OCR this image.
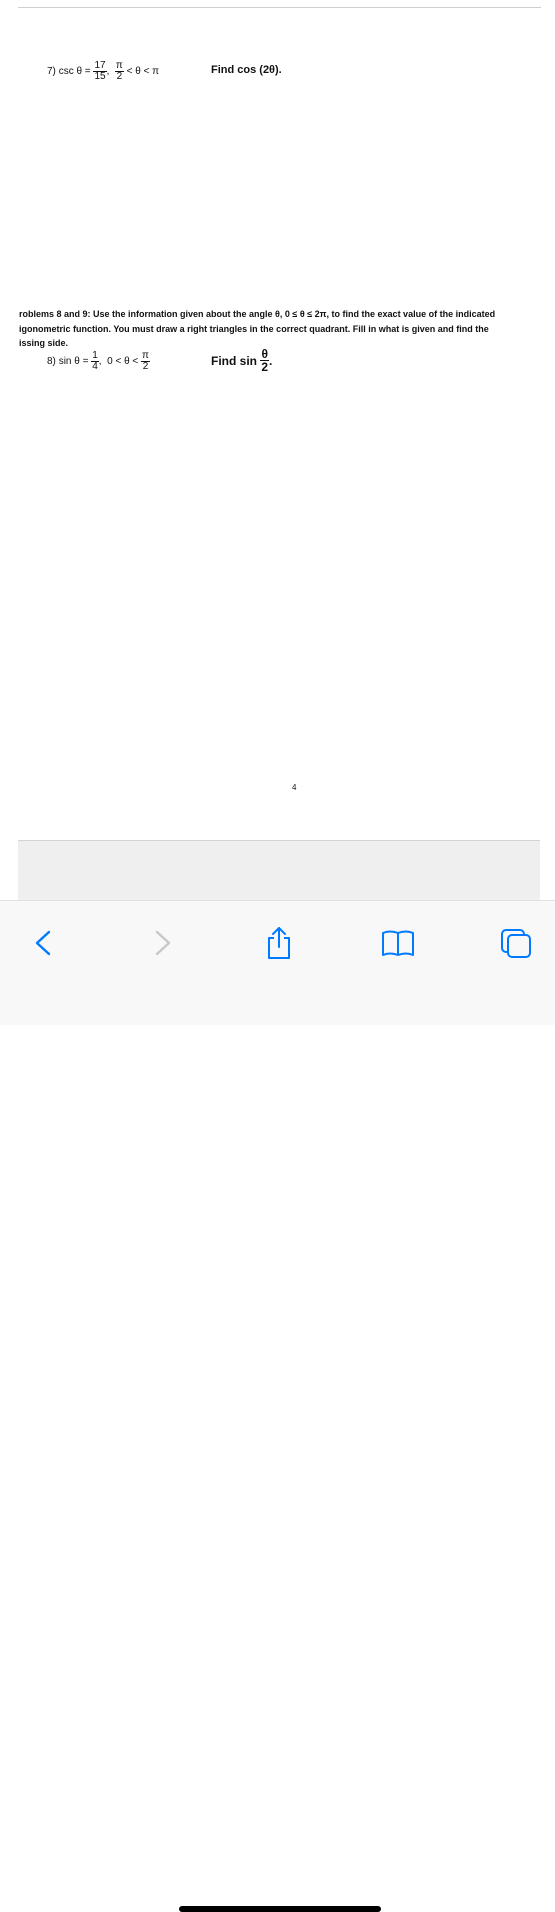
7)
csc θ =
$\frac{17}{15}$ ,
$\frac{\pi}{2}$
< θ < π	Find cos (2θ).
roblems 8 and 9: Use the information given about the angle θ, 0 ≤ θ ≤ 2π, to find the exact value of the indicated
igonometric function. You must draw a right triangles in the correct quadrant. Fill in what is given and find the
issing side.
8)
sin θ =
$\frac{1}{4}$ ,
0 < θ <
$\frac{\pi}{2}$	Find sin
$\frac{\theta}{2}$ .
4
